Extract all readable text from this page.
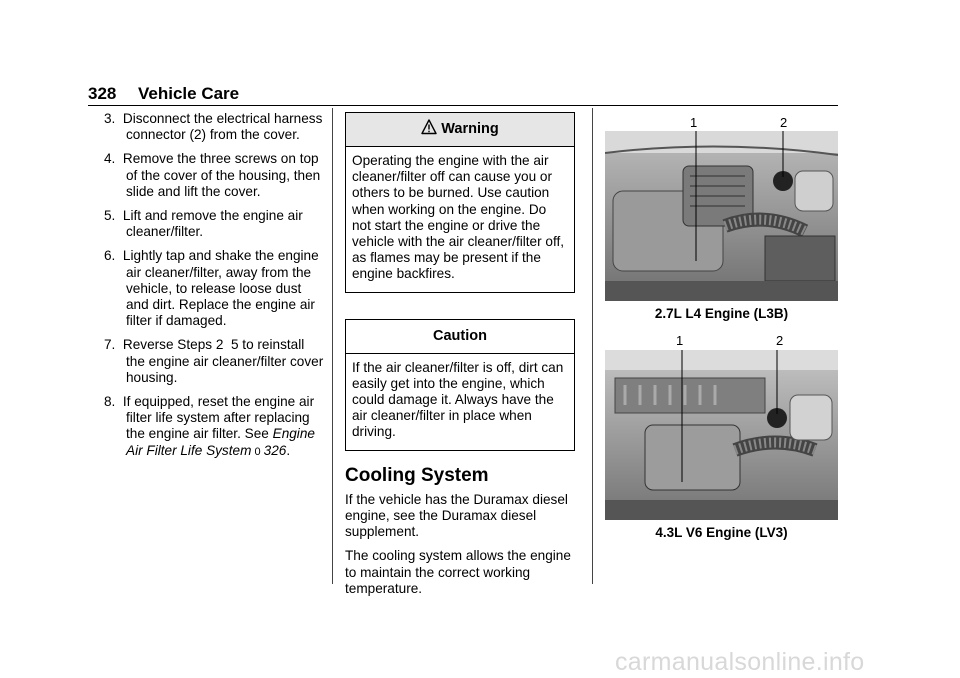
328 Vehicle Care
3. Disconnect the electrical harness connector (2) from the cover.
4. Remove the three screws on top of the cover of the housing, then slide and lift the cover.
5. Lift and remove the engine air cleaner/filter.
6. Lightly tap and shake the engine air cleaner/filter, away from the vehicle, to release loose dust and dirt. Replace the engine air filter if damaged.
7. Reverse Steps 2  5 to reinstall the engine air cleaner/filter cover housing.
8. If equipped, reset the engine air filter life system after replacing the engine air filter. See Engine Air Filter Life System 0 326.
Warning
Operating the engine with the air cleaner/filter off can cause you or others to be burned. Use caution when working on the engine. Do not start the engine or drive the vehicle with the air cleaner/filter off, as flames may be present if the engine backfires.
Caution
If the air cleaner/filter is off, dirt can easily get into the engine, which could damage it. Always have the air cleaner/filter in place when driving.
Cooling System
If the vehicle has the Duramax diesel engine, see the Duramax diesel supplement.
The cooling system allows the engine to maintain the correct working temperature.
1	2
2.7L L4 Engine (L3B)
1	2
4.3L V6 Engine (LV3)
carmanualsonline.info
